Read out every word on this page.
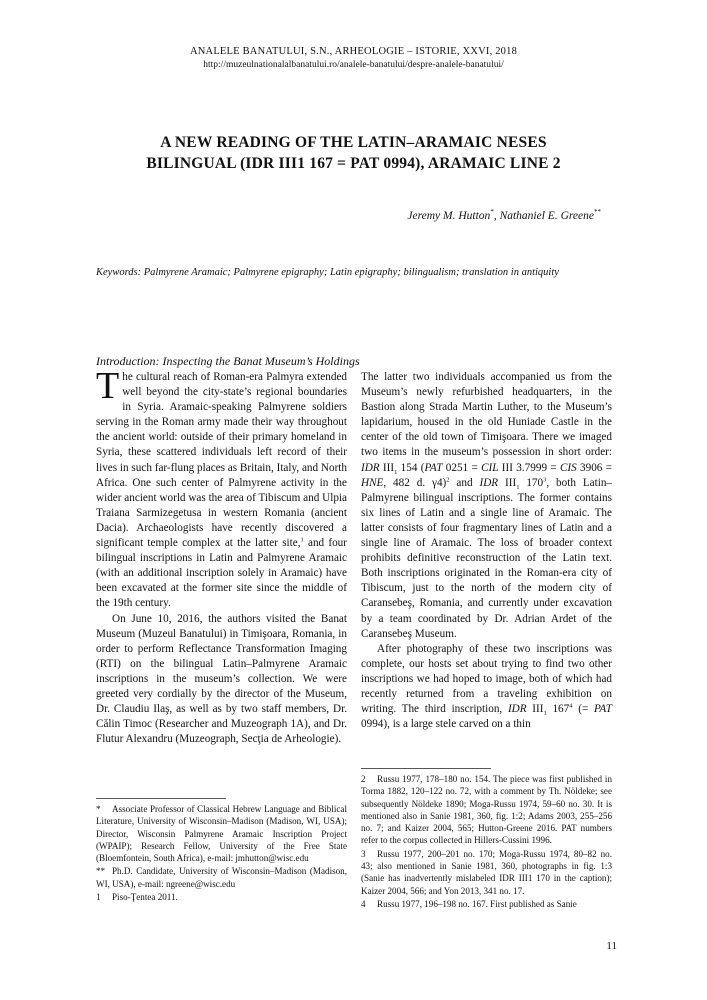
ANALELE BANATULUI, S.N., ARHEOLOGIE – ISTORIE, XXVI, 2018
http://muzeulnationalalbanatului.ro/analele-banatului/despre-analele-banatului/
A NEW READING OF THE LATIN–ARAMAIC NESES
BILINGUAL (IDR III1 167 = PAT 0994), ARAMAIC LINE 2
Jeremy M. Hutton*, Nathaniel E. Greene**
Keywords: Palmyrene Aramaic; Palmyrene epigraphy; Latin epigraphy; bilingualism; translation in antiquity
Introduction: Inspecting the Banat Museum’s Holdings

The cultural reach of Roman-era Palmyra extended well beyond the city-state’s regional boundaries in Syria. Aramaic-speaking Palmyrene soldiers serving in the Roman army made their way throughout the ancient world: outside of their primary homeland in Syria, these scattered individuals left record of their lives in such far-flung places as Britain, Italy, and North Africa. One such center of Palmyrene activity in the wider ancient world was the area of Tibiscum and Ulpia Traiana Sarmizegetusa in western Romania (ancient Dacia). Archaeologists have recently discovered a significant temple complex at the latter site,$^1$ and four bilingual inscriptions in Latin and Palmyrene Aramaic (with an additional inscription solely in Aramaic) have been excavated at the former site since the middle of the 19th century.

On June 10, 2016, the authors visited the Banat Museum (Muzeul Banatului) in Timişoara, Romania, in order to perform Reflectance Transformation Imaging (RTI) on the bilingual Latin–Palmyrene Aramaic inscriptions in the museum’s collection. We were greeted very cordially by the director of the Museum, Dr. Claudiu Ilaş, as well as by two staff members, Dr. Călin Timoc (Researcher and Muzeograph 1A), and Dr. Flutur Alexandru (Muzeograph, Secţia de Arheologie).

The latter two individuals accompanied us from the Museum’s newly refurbished headquarters, in the Bastion along Strada Martin Luther, to the Museum’s lapidarium, housed in the old Huniade Castle in the center of the old town of Timişoara. There we imaged two items in the museum’s possession in short order: IDR $III_1$ 154 (PAT 0251 = CIL III 3.7999 = CIS 3906 = HNE, 482 d. γ4)$^2$ and IDR $III_1$ $170^3$, both Latin–Palmyrene bilingual inscriptions. The former contains six lines of Latin and a single line of Aramaic. The latter consists of four fragmentary lines of Latin and a single line of Aramaic. The loss of broader context prohibits definitive reconstruction of the Latin text. Both inscriptions originated in the Roman-era city of Tibiscum, just to the north of the modern city of Caransebeş, Romania, and currently under excavation by a team coordinated by Dr. Adrian Ardet of the Caransebeş Museum.

After photography of these two inscriptions was complete, our hosts set about trying to find two other inscriptions we had hoped to image, both of which had recently returned from a traveling exhibition on writing. The third inscription, IDR $III_1$ $167^4$ (= PAT 0994), is a large stele carved on a thin

* Associate Professor of Classical Hebrew Language and Biblical Literature, University of Wisconsin–Madison (Madison, WI, USA); Director, Wisconsin Palmyrene Aramaic Inscription Project (WPAIP); Research Fellow, University of the Free State (Bloemfontein, South Africa), e-mail: jmhutton@wisc.edu

** Ph.D. Candidate, University of Wisconsin–Madison (Madison, WI, USA), e-mail: ngreene@wisc.edu

1 Piso-Ţentea 2011.

2 Russu 1977, 178–180 no. 154. The piece was first published in Torma 1882, 120–122 no. 72, with a comment by Th. Nöldeke; see subsequently Nöldeke 1890; Moga-Russu 1974, 59–60 no. 30. It is mentioned also in Sanie 1981, 360, fig. 1:2; Adams 2003, 255–256 no. 7; and Kaizer 2004, 565; Hutton-Greene 2016. PAT numbers refer to the corpus collected in Hillers-Cussini 1996.

3 Russu 1977, 200–201 no. 170; Moga-Russu 1974, 80–82 no. 43; also mentioned in Sanie 1981, 360, photographs in fig. 1:3 (Sanie has inadvertently mislabeled IDR III1 170 in the caption); Kaizer 2004, 566; and Yon 2013, 341 no. 17.

4 Russu 1977, 196–198 no. 167. First published as Sanie

11
